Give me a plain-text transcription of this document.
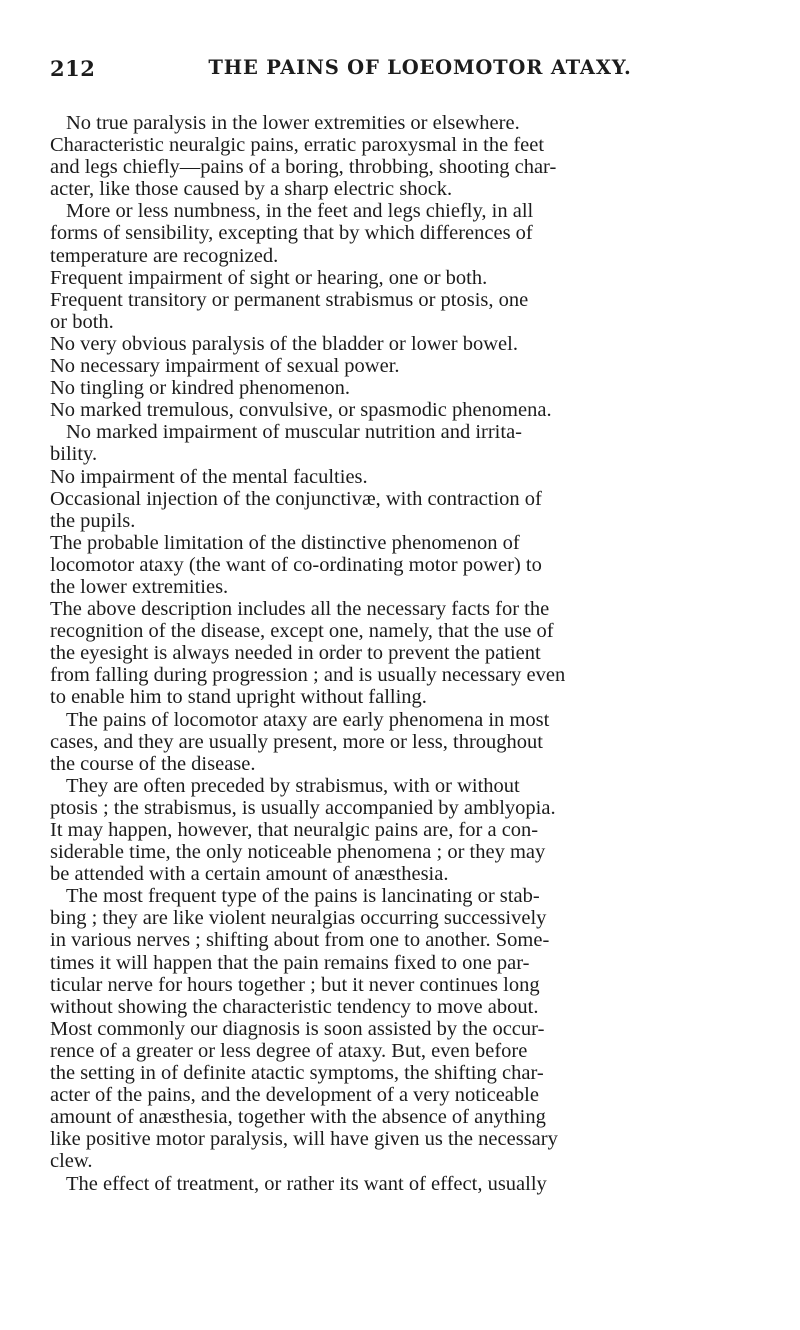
212	THE PAINS OF LOEOMOTOR ATAXY.
No true paralysis in the lower extremities or elsewhere.
Characteristic neuralgic pains, erratic paroxysmal in the feet
and legs chiefly—pains of a boring, throbbing, shooting char-
acter, like those caused by a sharp electric shock.
More or less numbness, in the feet and legs chiefly, in all
forms of sensibility, excepting that by which differences of
temperature are recognized.
Frequent impairment of sight or hearing, one or both.
Frequent transitory or permanent strabismus or ptosis, one
or both.
No very obvious paralysis of the bladder or lower bowel.
No necessary impairment of sexual power.
No tingling or kindred phenomenon.
No marked tremulous, convulsive, or spasmodic phenomena.
No marked impairment of muscular nutrition and irrita-
bility.
No impairment of the mental faculties.
Occasional injection of the conjunctivæ, with contraction of
the pupils.
The probable limitation of the distinctive phenomenon of
locomotor ataxy (the want of co-ordinating motor power) to
the lower extremities.
The above description includes all the necessary facts for the
recognition of the disease, except one, namely, that the use of
the eyesight is always needed in order to prevent the patient
from falling during progression ; and is usually necessary even
to enable him to stand upright without falling.
The pains of locomotor ataxy are early phenomena in most
cases, and they are usually present, more or less, throughout
the course of the disease.
They are often preceded by strabismus, with or without
ptosis ; the strabismus, is usually accompanied by amblyopia.
It may happen, however, that neuralgic pains are, for a con-
siderable time, the only noticeable phenomena ; or they may
be attended with a certain amount of anæsthesia.
The most frequent type of the pains is lancinating or stab-
bing ; they are like violent neuralgias occurring successively
in various nerves ; shifting about from one to another. Some-
times it will happen that the pain remains fixed to one par-
ticular nerve for hours together ; but it never continues long
without showing the characteristic tendency to move about.
Most commonly our diagnosis is soon assisted by the occur-
rence of a greater or less degree of ataxy. But, even before
the setting in of definite atactic symptoms, the shifting char-
acter of the pains, and the development of a very noticeable
amount of anæsthesia, together with the absence of anything
like positive motor paralysis, will have given us the necessary
clew.
The effect of treatment, or rather its want of effect, usually
